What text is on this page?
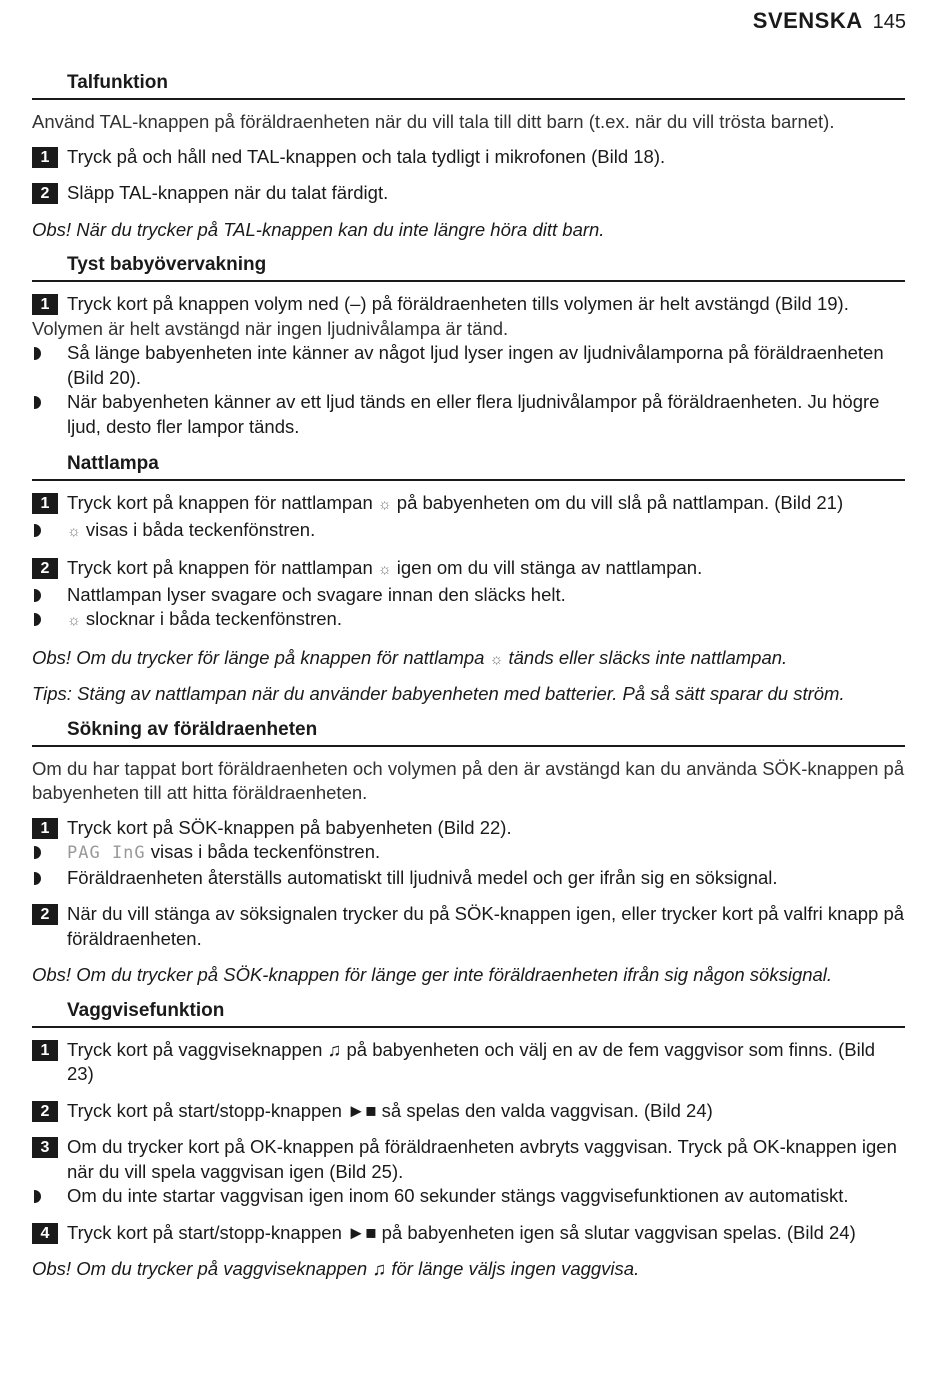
SVENSKA 145
Talfunktion

Använd TAL-knappen på föräldraenheten när du vill tala till ditt barn (t.ex. när du vill trösta barnet).

1 Tryck på och håll ned TAL-knappen och tala tydligt i mikrofonen (Bild 18).
2 Släpp TAL-knappen när du talat färdigt.

Obs! När du trycker på TAL-knappen kan du inte längre höra ditt barn.

Tyst babyövervakning
1 Tryck kort på knappen volym ned (–) på föräldraenheten tills volymen är helt avstängd (Bild 19).

Volymen är helt avstängd när ingen ljudnivålampa är tänd.

Så länge babyenheten inte känner av något ljud lyser ingen av ljudnivålamporna på föräldraenheten (Bild 20).
När babyenheten känner av ett ljud tänds en eller flera ljudnivålampor på föräldraenheten. Ju högre ljud, desto fler lampor tänds.
Nattlampa
1 Tryck kort på knappen för nattlampan ☼ på babyenheten om du vill slå på nattlampan. (Bild 21)
☼ visas i båda teckenfönstren.
2 Tryck kort på knappen för nattlampan ☼ igen om du vill stänga av nattlampan.
Nattlampan lyser svagare och svagare innan den släcks helt.
☼ slocknar i båda teckenfönstren.

Obs! Om du trycker för länge på knappen för nattlampa ☼ tänds eller släcks inte nattlampan.

Tips: Stäng av nattlampan när du använder babyenheten med batterier. På så sätt sparar du ström.

Sökning av föräldraenheten

Om du har tappat bort föräldraenheten och volymen på den är avstängd kan du använda SÖK-knappen på babyenheten till att hitta föräldraenheten.

1 Tryck kort på SÖK-knappen på babyenheten (Bild 22).
PAG InG visas i båda teckenfönstren.
Föräldraenheten återställs automatiskt till ljudnivå medel och ger ifrån sig en söksignal.
2 När du vill stänga av söksignalen trycker du på SÖK-knappen igen, eller trycker kort på valfri knapp på föräldraenheten.

Obs! Om du trycker på SÖK-knappen för länge ger inte föräldraenheten ifrån sig någon söksignal.

Vaggvisefunktion
1 Tryck kort på vaggviseknappen ♫ på babyenheten och välj en av de fem vaggvisor som finns. (Bild 23)
2 Tryck kort på start/stopp-knappen ►■ så spelas den valda vaggvisan. (Bild 24)
3 Om du trycker kort på OK-knappen på föräldraenheten avbryts vaggvisan. Tryck på OK-knappen igen när du vill spela vaggvisan igen (Bild 25).
Om du inte startar vaggvisan igen inom 60 sekunder stängs vaggvisefunktionen av automatiskt.
4 Tryck kort på start/stopp-knappen ►■ på babyenheten igen så slutar vaggvisan spelas. (Bild 24)

Obs! Om du trycker på vaggviseknappen ♫ för länge väljs ingen vaggvisa.
